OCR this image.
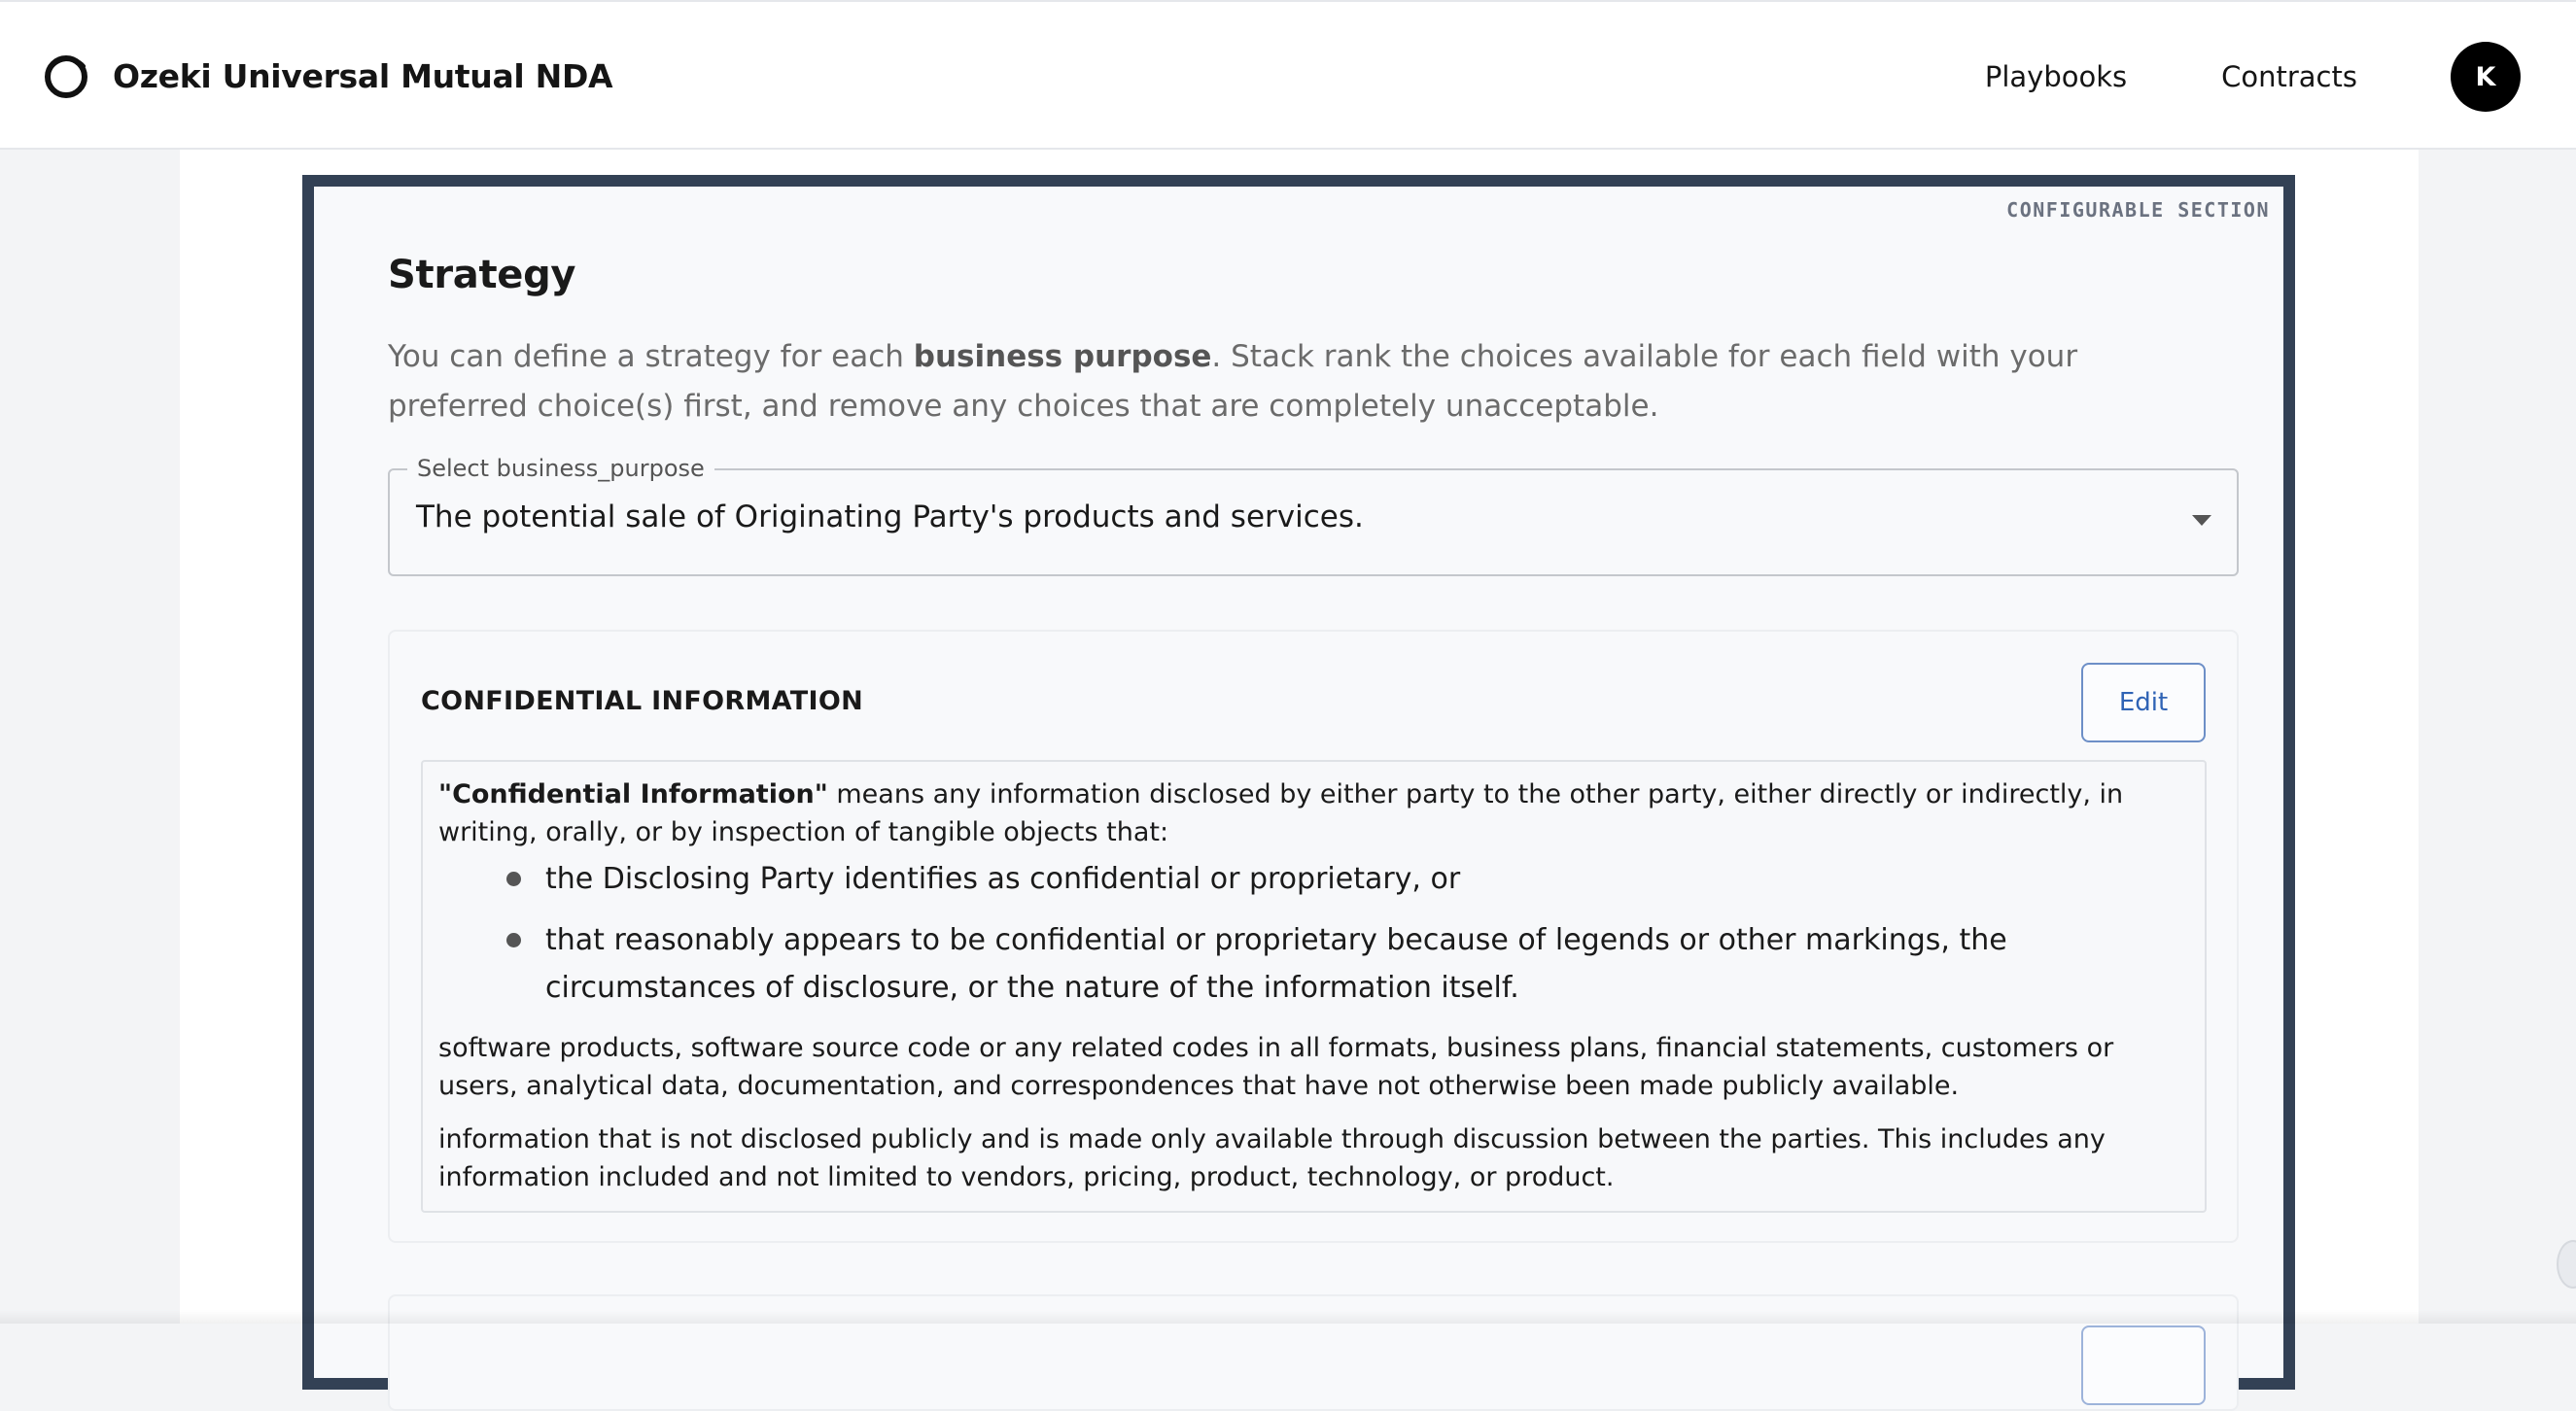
Ozeki Universal Mutual NDA	Playbooks	Contracts	K
CONFIGURABLE SECTION
Strategy

You can define a strategy for each business purpose. Stack rank the choices available for each field with your preferred choice(s) first, and remove any choices that are completely unacceptable.

Select business_purpose
The potential sale of Originating Party's products and services.
CONFIDENTIAL INFORMATION	Edit

"Confidential Information" means any information disclosed by either party to the other party, either directly or indirectly, in writing, orally, or by inspection of tangible objects that:

the Disclosing Party identifies as confidential or proprietary, or
that reasonably appears to be confidential or proprietary because of legends or other markings, the circumstances of disclosure, or the nature of the information itself.

software products, software source code or any related codes in all formats, business plans, financial statements, customers or users, analytical data, documentation, and correspondences that have not otherwise been made publicly available.

information that is not disclosed publicly and is made only available through discussion between the parties. This includes any information included and not limited to vendors, pricing, product, technology, or product.
